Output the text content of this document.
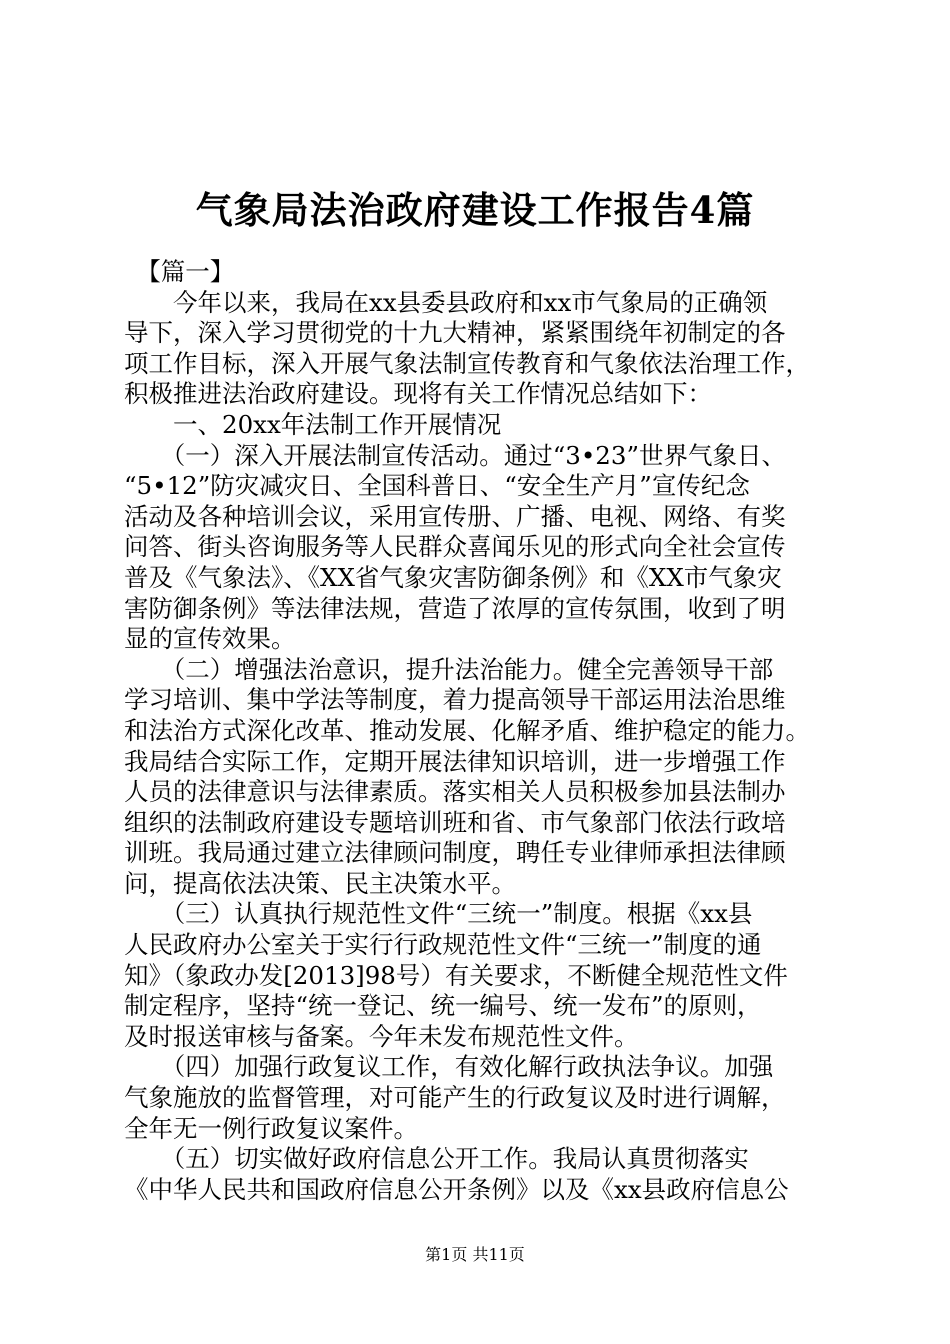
气象局法治政府建设工作报告4篇
　【篇一】
　　今年以来，我局在xx县委县政府和xx市气象局的正确领
导下，深入学习贯彻党的十九大精神，紧紧围绕年初制定的各
项工作目标，深入开展气象法制宣传教育和气象依法治理工作，
积极推进法治政府建设。现将有关工作情况总结如下：
　　一、20xx年法制工作开展情况
　　（一）深入开展法制宣传活动。通过“3•23”世界气象日、
“5•12”防灾减灾日、全国科普日、“安全生产月”宣传纪念
活动及各种培训会议，采用宣传册、广播、电视、网络、有奖
问答、街头咨询服务等人民群众喜闻乐见的形式向全社会宣传
普及《气象法》、《XX省气象灾害防御条例》和《XX市气象灾
害防御条例》等法律法规，营造了浓厚的宣传氛围，收到了明
显的宣传效果。
　　（二）增强法治意识，提升法治能力。健全完善领导干部
学习培训、集中学法等制度，着力提高领导干部运用法治思维
和法治方式深化改革、推动发展、化解矛盾、维护稳定的能力。
我局结合实际工作，定期开展法律知识培训，进一步增强工作
人员的法律意识与法律素质。落实相关人员积极参加县法制办
组织的法制政府建设专题培训班和省、市气象部门依法行政培
训班。我局通过建立法律顾问制度，聘任专业律师承担法律顾
问，提高依法决策、民主决策水平。
　　（三）认真执行规范性文件“三统一”制度。根据《xx县
人民政府办公室关于实行行政规范性文件“三统一”制度的通
知》（象政办发[2013]98号）有关要求，不断健全规范性文件
制定程序，坚持“统一登记、统一编号、统一发布”的原则，
及时报送审核与备案。今年未发布规范性文件。
　　（四）加强行政复议工作，有效化解行政执法争议。加强
气象施放的监督管理，对可能产生的行政复议及时进行调解，
全年无一例行政复议案件。
　　（五）切实做好政府信息公开工作。我局认真贯彻落实
《中华人民共和国政府信息公开条例》以及《xx县政府信息公
第1页 共11页
